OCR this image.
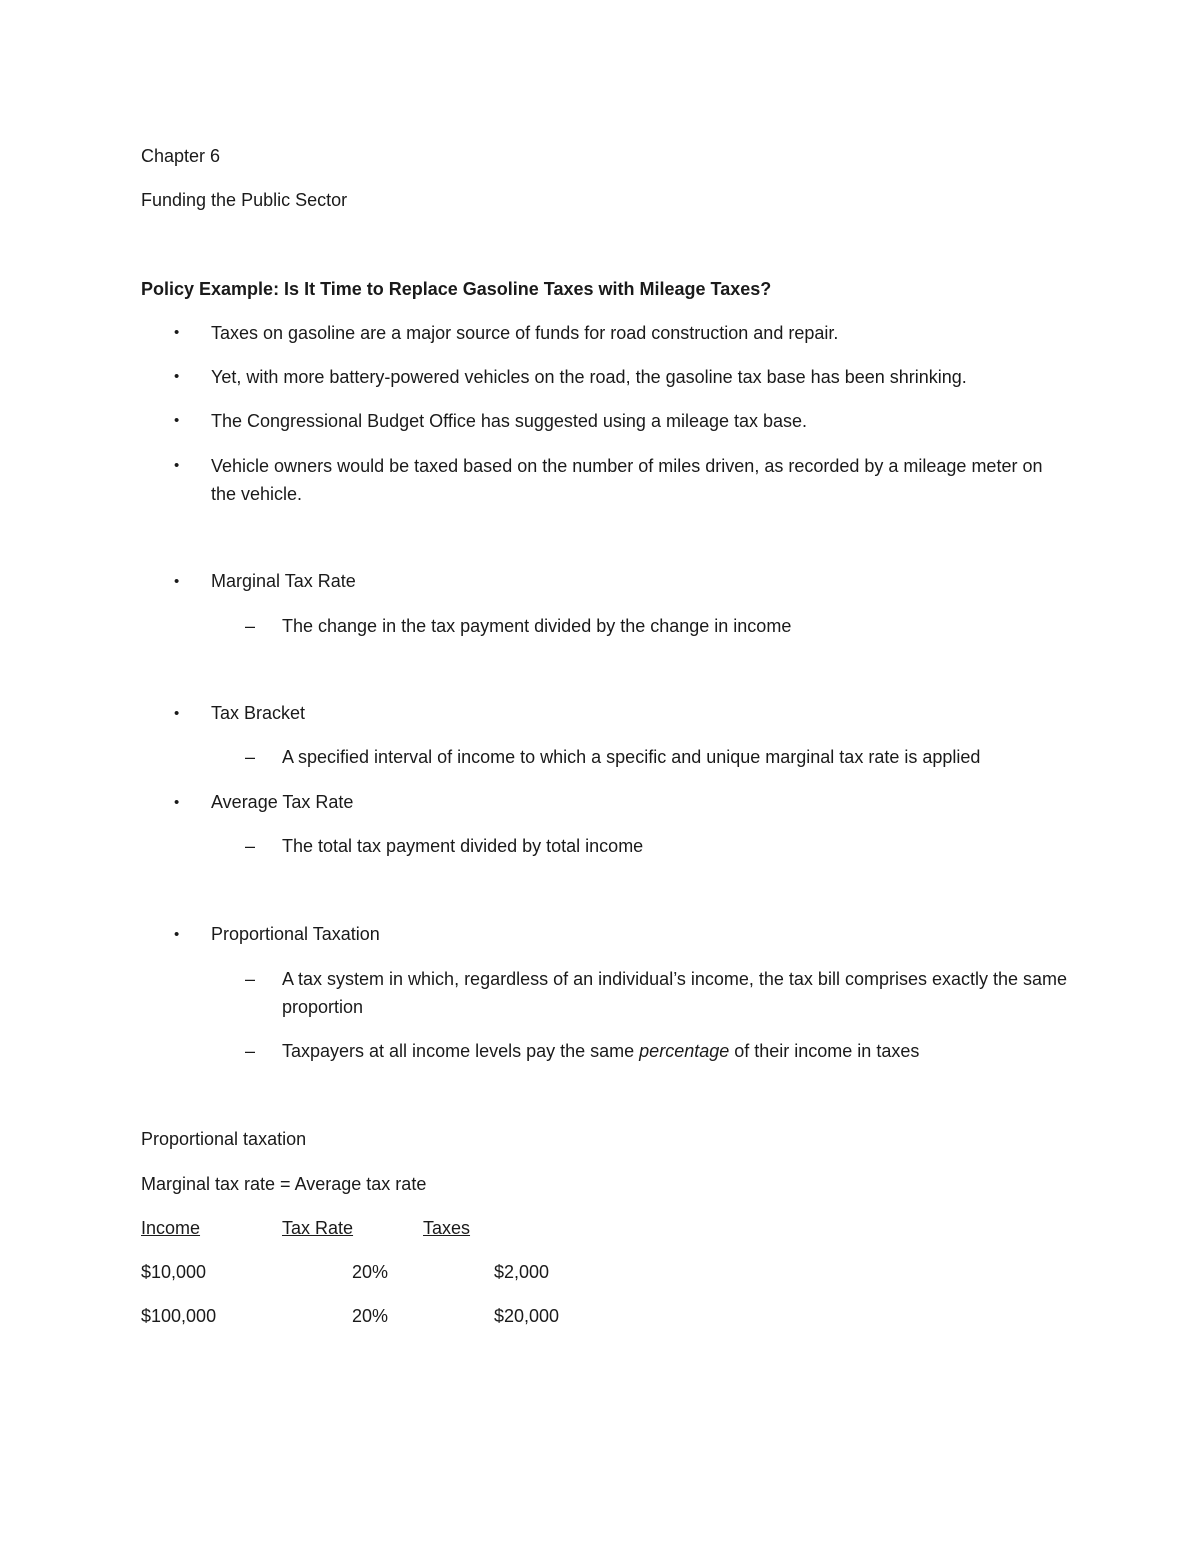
Chapter 6
Funding the Public Sector
Policy Example: Is It Time to Replace Gasoline Taxes with Mileage Taxes?
• Taxes on gasoline are a major source of funds for road construction and repair.
• Yet, with more battery-powered vehicles on the road, the gasoline tax base has been shrinking.
• The Congressional Budget Office has suggested using a mileage tax base.
• Vehicle owners would be taxed based on the number of miles driven, as recorded by a mileage meter on the vehicle.
• Marginal Tax Rate
– The change in the tax payment divided by the change in income
• Tax Bracket
– A specified interval of income to which a specific and unique marginal tax rate is applied
• Average Tax Rate
– The total tax payment divided by total income
• Proportional Taxation
– A tax system in which, regardless of an individual’s income, the tax bill comprises exactly the same proportion
– Taxpayers at all income levels pay the same percentage of their income in taxes
Proportional taxation
Marginal tax rate = Average tax rate
Income	Tax Rate	Taxes
$10,000	20%	$2,000
$100,000	20%	$20,000
